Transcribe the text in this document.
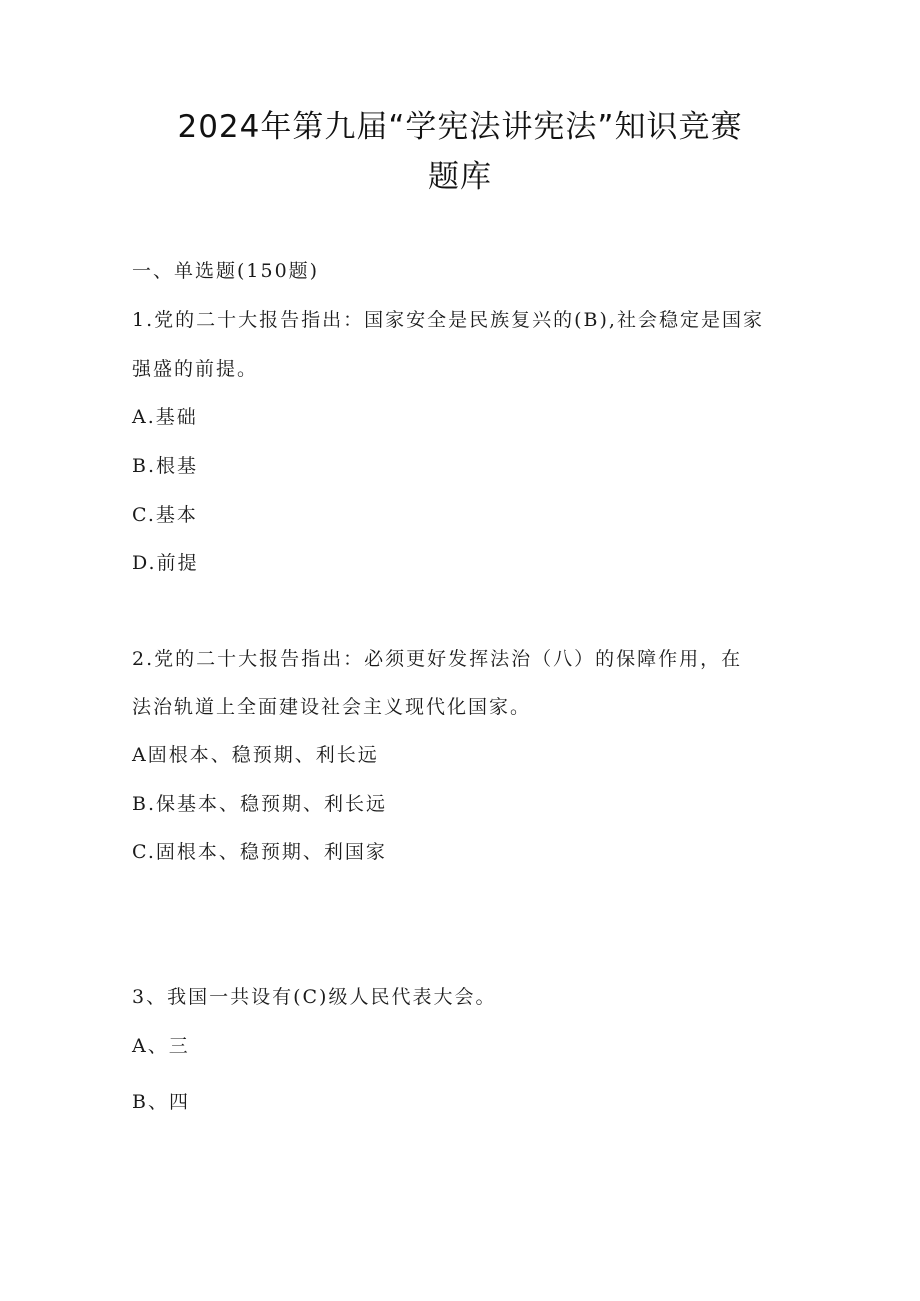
2024年第九届“学宪法讲宪法”知识竞赛
题库
一、单选题(150题)
1.党的二十大报告指出：国家安全是民族复兴的(B),社会稳定是国家
强盛的前提。
A.基础
B.根基
C.基本
D.前提
2.党的二十大报告指出：必须更好发挥法治（八）的保障作用，在
法治轨道上全面建设社会主义现代化国家。
A固根本、稳预期、利长远
B.保基本、稳预期、利长远
C.固根本、稳预期、利国家
3、我国一共设有(C)级人民代表大会。
A、三
B、四
